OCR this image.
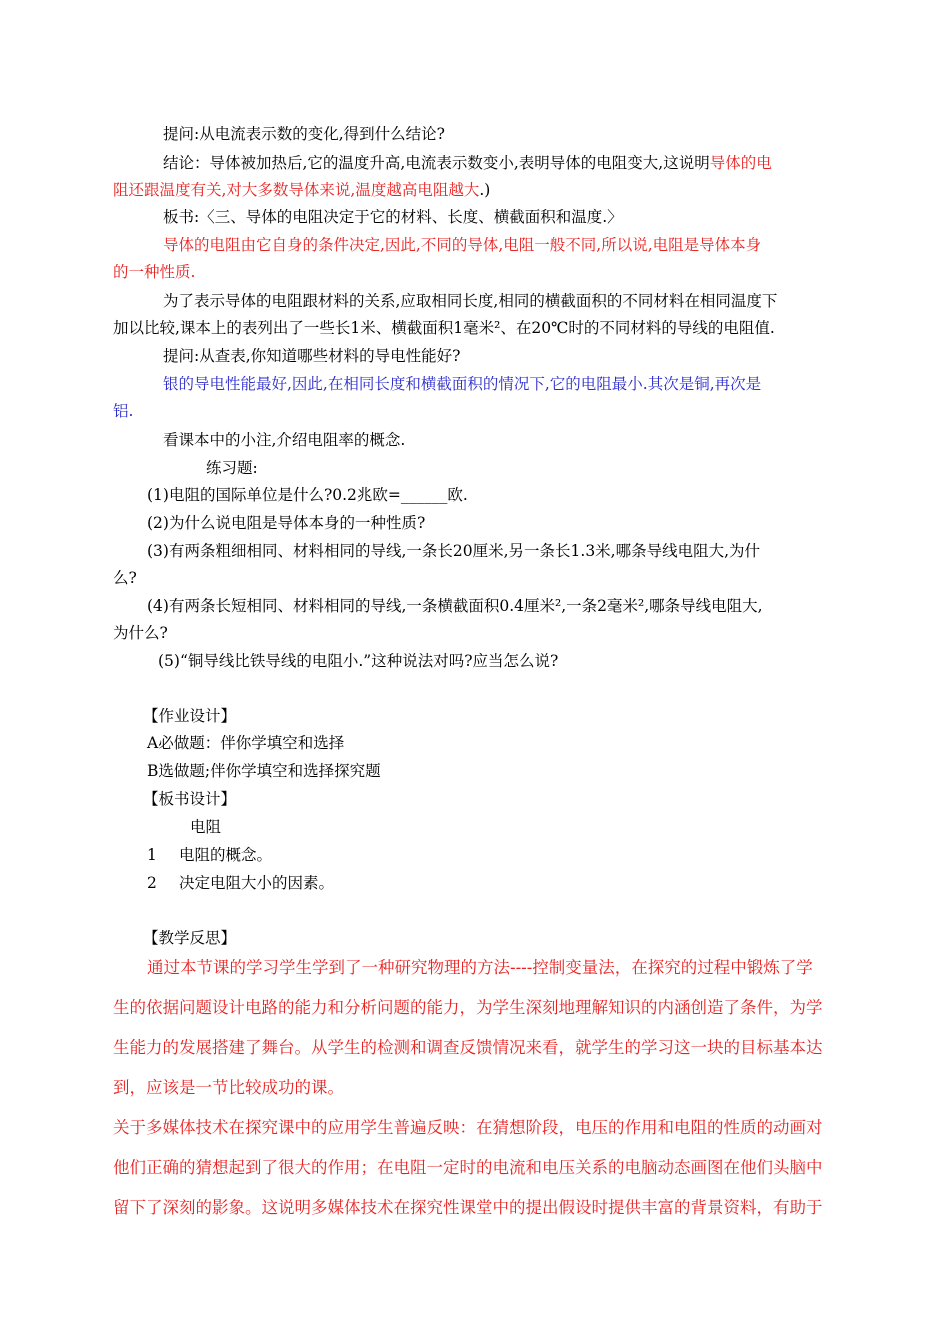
提问:从电流表示数的变化,得到什么结论?
结论：导体被加热后,它的温度升高,电流表示数变小,表明导体的电阻变大,这说明导体的电
阻还跟温度有关,对大多数导体来说,温度越高电阻越大.)
板书:〈三、导体的电阻决定于它的材料、长度、横截面积和温度.〉
导体的电阻由它自身的条件决定,因此,不同的导体,电阻一般不同,所以说,电阻是导体本身
的一种性质.
为了表示导体的电阻跟材料的关系,应取相同长度,相同的横截面积的不同材料在相同温度下
加以比较,课本上的表列出了一些长1米、横截面积1毫米²、在20℃时的不同材料的导线的电阻值.
提问:从查表,你知道哪些材料的导电性能好?
银的导电性能最好,因此,在相同长度和横截面积的情况下,它的电阻最小.其次是铜,再次是
铝.
看课本中的小注,介绍电阻率的概念.
练习题:
(1)电阻的国际单位是什么?0.2兆欧=______欧.
(2)为什么说电阻是导体本身的一种性质?
(3)有两条粗细相同、材料相同的导线,一条长20厘米,另一条长1.3米,哪条导线电阻大,为什
么?
(4)有两条长短相同、材料相同的导线,一条横截面积0.4厘米²,一条2毫米²,哪条导线电阻大,
为什么?
(5)“铜导线比铁导线的电阻小.”这种说法对吗?应当怎么说?
【作业设计】
A必做题：伴你学填空和选择
B选做题;伴你学填空和选择探究题
【板书设计】
电阻
1 电阻的概念。
2 决定电阻大小的因素。
【教学反思】
通过本节课的学习学生学到了一种研究物理的方法----控制变量法，在探究的过程中锻炼了学
生的依据问题设计电路的能力和分析问题的能力，为学生深刻地理解知识的内涵创造了条件，为学
生能力的发展搭建了舞台。从学生的检测和调查反馈情况来看，就学生的学习这一块的目标基本达
到，应该是一节比较成功的课。
关于多媒体技术在探究课中的应用学生普遍反映：在猜想阶段，电压的作用和电阻的性质的动画对
他们正确的猜想起到了很大的作用；在电阻一定时的电流和电压关系的电脑动态画图在他们头脑中
留下了深刻的影象。这说明多媒体技术在探究性课堂中的提出假设时提供丰富的背景资料，有助于
